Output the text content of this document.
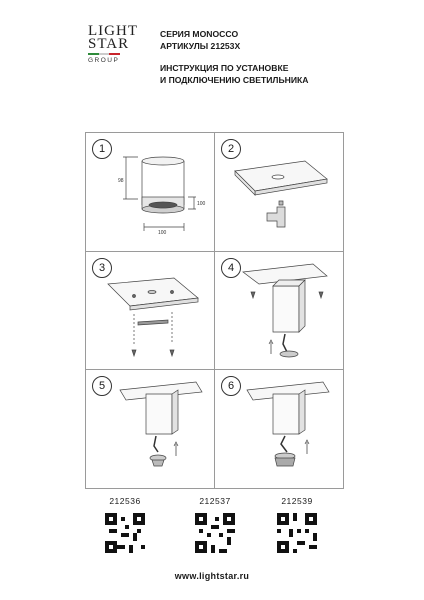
LIGHT
STAR
GROUP
СЕРИЯ MONOCCO
АРТИКУЛЫ 21253X
ИНСТРУКЦИЯ ПО УСТАНОВКЕ
И ПОДКЛЮЧЕНИЮ СВЕТИЛЬНИКА
1
98
100
100
2
3	4
5	6
212536	212537	212539
www.lightstar.ru
